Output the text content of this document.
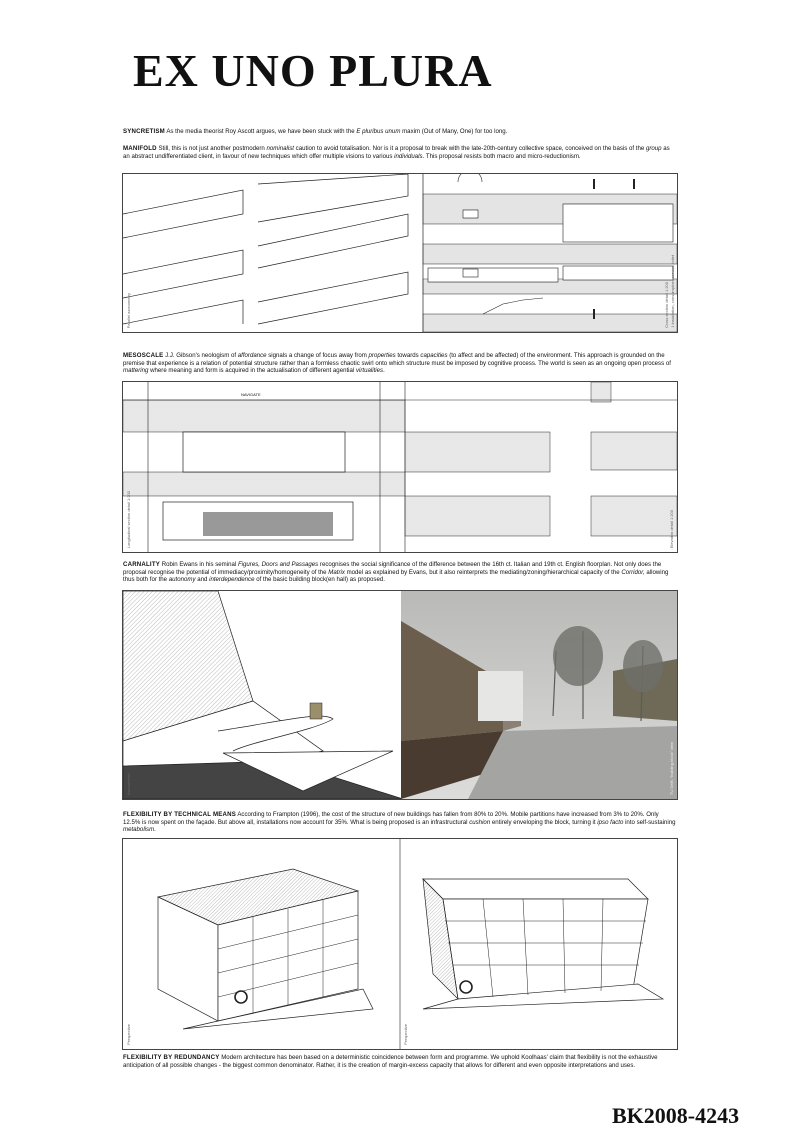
EX UNO PLURA
SYNCRETISM As the media theorist Roy Ascott argues, we have been stuck with the E pluribus unum maxim (Out of Many, One) for too long.
MANIFOLD Still, this is not just another postmodern nominalist caution to avoid totalisation. Nor is it a proposal to break with the late-20th-century collective space, conceived on the basis of the group as an abstract undifferentiated client, in favour of new techniques which offer multiple visions to various individuals. This proposal resists both macro and micro-reductionism.
Parallel axonometry	Cross section detail 1:200 1 installation, consumption, service, toilet
MESOSCALE J.J. Gibson's neologism of affordance signals a change of focus away from properties towards capacities (to affect and be affected) of the environment. This approach is grounded on the premise that experience is a relation of potential structure rather than a formless chaotic swirl onto which structure must be imposed by cognitive process. The world is seen as an ongoing open process of mattering where meaning and form is acquired in the actualisation of different agential virtualities.
NAVIGATE
Longitudinal section detail 1:200	Elevation detail 1:200
CARNALITY Robin Ewans in his seminal Figures, Doors and Passages recognises the social significance of the difference between the 16th ct. Italian and 19th ct. English floorplan. Not only does the proposal recognise the potential of immediacy/proximity/homogeneity of the Matrix model as explained by Evans, but it also reinterprets the mediating/zoning/hierarchical capacity of the Corridor, allowing thus both for the autonomy and interdependence of the basic building block(en hall) as proposed.
Axonometric	TU Delft, "building block" view
FLEXIBILITY BY TECHNICAL MEANS According to Frampton (1996), the cost of the structure of new buildings has fallen from 80% to 20%. Mobile partitions have increased from 3% to 20%. Only 12.5% is now spent on the façade. But above all, installations now account for 35%. What is being proposed is an infrastructural cushion entirely enveloping the block, turning it ipso facto into self-sustaining metabolism.
Perspective	Perspective
FLEXIBILITY BY REDUNDANCY Modern architecture has been based on a deterministic coincidence between form and programme. We uphold Koolhaas' claim that flexibility is not the exhaustive anticipation of all possible changes - the biggest common denominator. Rather, it is the creation of margin-excess capacity that allows for different and even opposite interpretations and uses.
BK2008-4243
